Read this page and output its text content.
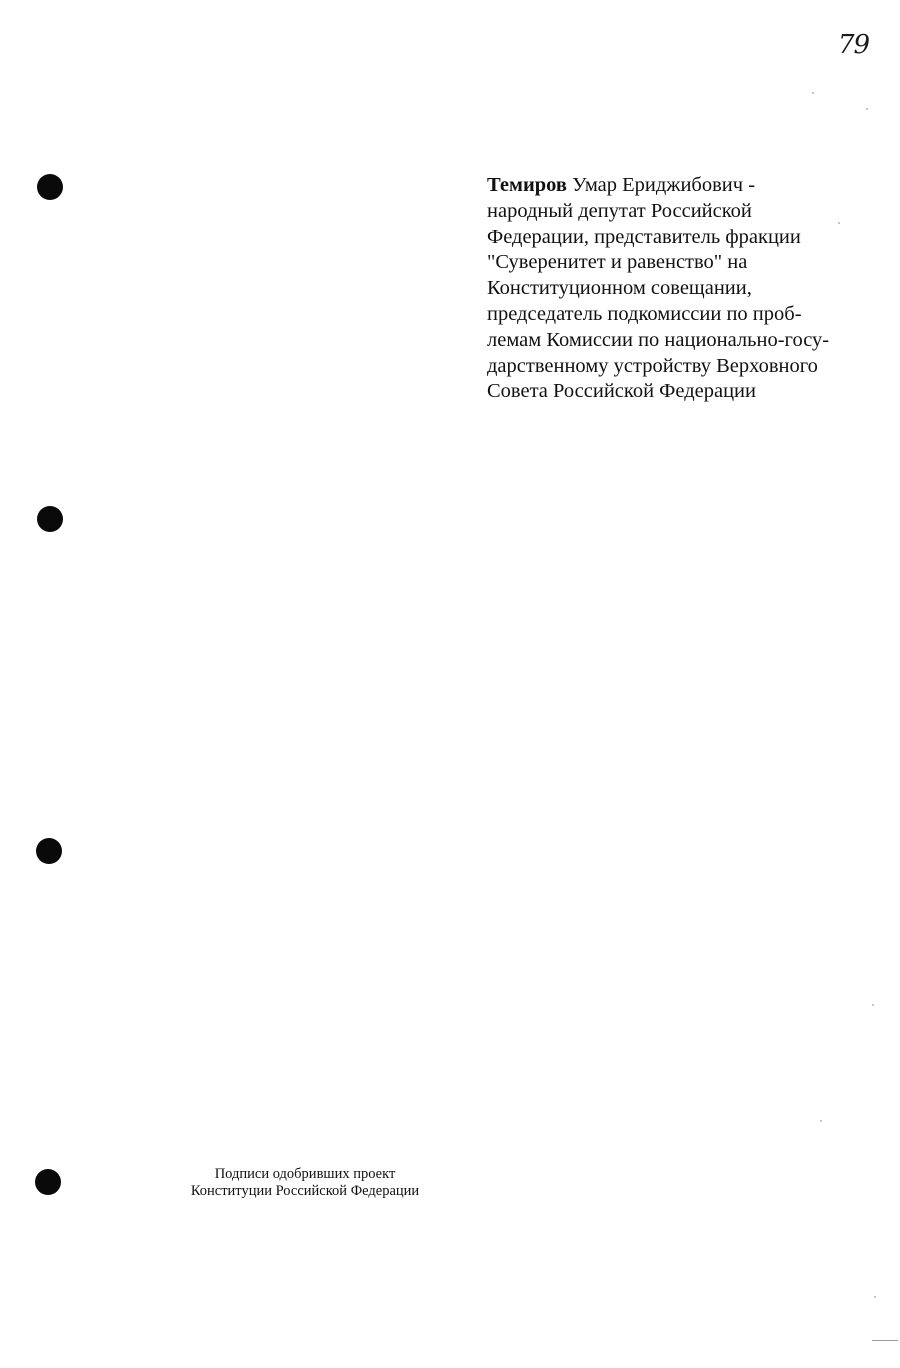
79
Темиров Умар Ериджибович -
народный депутат Российской
Федерации, представитель фракции
"Суверенитет и равенство" на
Конституционном совещании,
председатель подкомиссии по проб-
лемам Комиссии по национально-госу-
дарственному устройству Верховного
Совета Российской Федерации
Подписи одобривших проект
Конституции Российской Федерации
